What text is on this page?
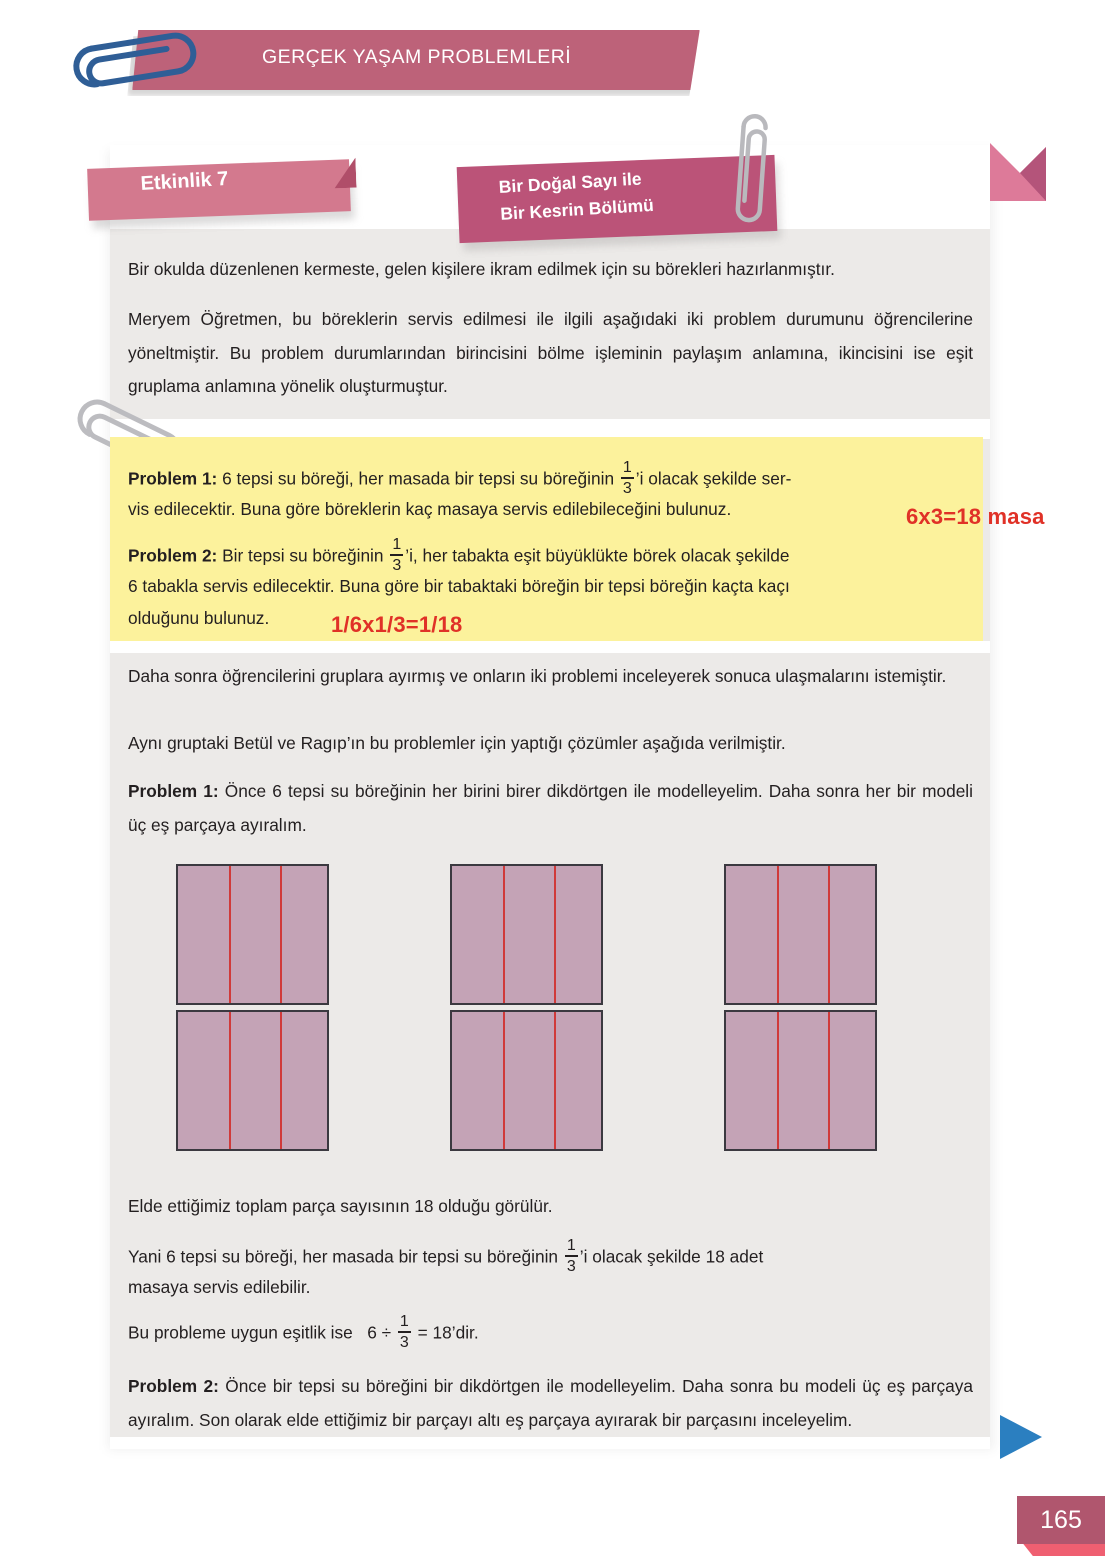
GERÇEK YAŞAM PROBLEMLERİ
Etkinlik 7	Bir Doğal Sayı ile
Bir Kesrin Bölümü
Bir okulda düzenlenen kermeste, gelen kişilere ikram edilmek için su börekleri hazırlanmıştır.
Meryem Öğretmen, bu böreklerin servis edilmesi ile ilgili aşağıdaki iki problem durumunu öğrencilerine yöneltmiştir. Bu problem durumlarından birincisini bölme işleminin paylaşım anlamına, ikincisini ise eşit gruplama anlamına yönelik oluşturmuştur.
Problem 1: 6 tepsi su böreği, her masada bir tepsi su böreğinin $\frac{1}{3}$ ’i olacak şekilde ser-
vis edilecektir. Buna göre böreklerin kaç masaya servis edilebileceğini bulunuz.	6x3=18 masa
Problem 2: Bir tepsi su böreğinin $\frac{1}{3}$ ’i, her tabakta eşit büyüklükte börek olacak şekilde
6 tabakla servis edilecektir. Buna göre bir tabaktaki böreğin bir tepsi böreğin kaçta kaçı
olduğunu bulunuz.	1/6x1/3=1/18
Daha sonra öğrencilerini gruplara ayırmış ve onların iki problemi inceleyerek sonuca ulaşmalarını istemiştir.
Aynı gruptaki Betül ve Ragıp’ın bu problemler için yaptığı çözümler aşağıda verilmiştir.
Problem 1: Önce 6 tepsi su böreğinin her birini birer dikdörtgen ile modelleyelim. Daha sonra her bir modeli üç eş parçaya ayıralım.
Elde ettiğimiz toplam parça sayısının 18 olduğu görülür.
Yani 6 tepsi su böreği, her masada bir tepsi su böreğinin $\frac{1}{3}$ ’i olacak şekilde 18 adet
masaya servis edilebilir.
Bu probleme uygun eşitlik ise $6 \div \frac{1}{3}$ = 18’dir.
Problem 2: Önce bir tepsi su böreğini bir dikdörtgen ile modelleyelim. Daha sonra bu modeli üç eş parçaya ayıralım. Son olarak elde ettiğimiz bir parçayı altı eş parçaya ayırarak bir parçasını inceleyelim.
165
